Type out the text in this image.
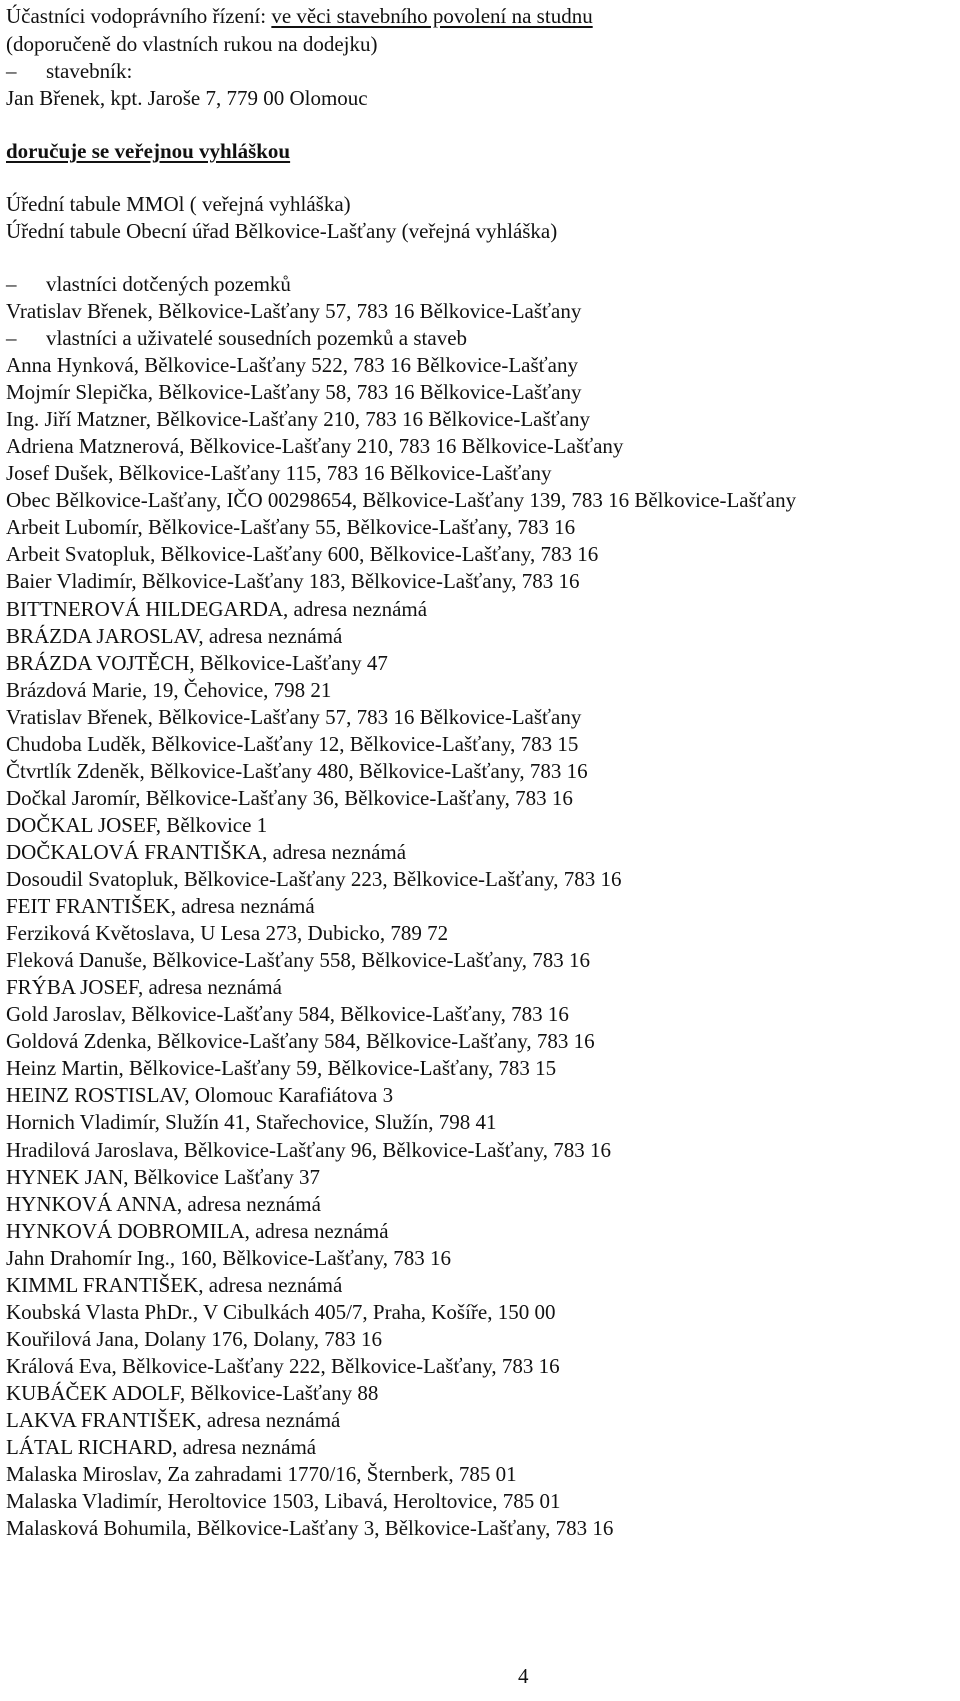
Účastníci vodoprávního řízení: ve věci stavebního povolení na studnu
(doporučeně do vlastních rukou na dodejku)
– stavebník:
Jan Břenek, kpt. Jaroše 7, 779 00 Olomouc
doručuje se veřejnou vyhláškou
Úřední tabule MMOl ( veřejná vyhláška)
Úřední tabule Obecní úřad Bělkovice-Lašťany (veřejná vyhláška)
– vlastníci dotčených pozemků
Vratislav Břenek, Bělkovice-Lašťany 57, 783 16 Bělkovice-Lašťany
– vlastníci a uživatelé sousedních pozemků a staveb
Anna Hynková, Bělkovice-Lašťany 522, 783 16 Bělkovice-Lašťany
Mojmír Slepička, Bělkovice-Lašťany 58, 783 16 Bělkovice-Lašťany
Ing. Jiří Matzner, Bělkovice-Lašťany 210, 783 16 Bělkovice-Lašťany
Adriena Matznerová, Bělkovice-Lašťany 210, 783 16 Bělkovice-Lašťany
Josef Dušek, Bělkovice-Lašťany 115, 783 16 Bělkovice-Lašťany
Obec Bělkovice-Lašťany, IČO 00298654, Bělkovice-Lašťany 139, 783 16 Bělkovice-Lašťany
Arbeit Lubomír, Bělkovice-Lašťany 55, Bělkovice-Lašťany, 783 16
Arbeit Svatopluk, Bělkovice-Lašťany 600, Bělkovice-Lašťany, 783 16
Baier Vladimír, Bělkovice-Lašťany 183, Bělkovice-Lašťany, 783 16
BITTNEROVÁ HILDEGARDA, adresa neznámá
BRÁZDA JAROSLAV, adresa neznámá
BRÁZDA VOJTĚCH, Bělkovice-Lašťany 47
Brázdová Marie, 19, Čehovice, 798 21
Vratislav Břenek, Bělkovice-Lašťany 57, 783 16 Bělkovice-Lašťany
Chudoba Luděk, Bělkovice-Lašťany 12, Bělkovice-Lašťany, 783 15
Čtvrtlík Zdeněk, Bělkovice-Lašťany 480, Bělkovice-Lašťany, 783 16
Dočkal Jaromír, Bělkovice-Lašťany 36, Bělkovice-Lašťany, 783 16
DOČKAL JOSEF, Bělkovice 1
DOČKALOVÁ FRANTIŠKA, adresa neznámá
Dosoudil Svatopluk, Bělkovice-Lašťany 223, Bělkovice-Lašťany, 783 16
FEIT FRANTIŠEK, adresa neznámá
Ferziková Květoslava, U Lesa 273, Dubicko, 789 72
Fleková Danuše, Bělkovice-Lašťany 558, Bělkovice-Lašťany, 783 16
FRÝBA JOSEF, adresa neznámá
Gold Jaroslav, Bělkovice-Lašťany 584, Bělkovice-Lašťany, 783 16
Goldová Zdenka, Bělkovice-Lašťany 584, Bělkovice-Lašťany, 783 16
Heinz Martin, Bělkovice-Lašťany 59, Bělkovice-Lašťany, 783 15
HEINZ ROSTISLAV, Olomouc Karafiátova 3
Hornich Vladimír, Služín 41, Stařechovice, Služín, 798 41
Hradilová Jaroslava, Bělkovice-Lašťany 96, Bělkovice-Lašťany, 783 16
HYNEK JAN, Bělkovice Lašťany 37
HYNKOVÁ ANNA, adresa neznámá
HYNKOVÁ DOBROMILA, adresa neznámá
Jahn Drahomír Ing., 160, Bělkovice-Lašťany, 783 16
KIMML FRANTIŠEK, adresa neznámá
Koubská Vlasta PhDr., V Cibulkách 405/7, Praha, Košíře, 150 00
Kouřilová Jana, Dolany 176, Dolany, 783 16
Králová Eva, Bělkovice-Lašťany 222, Bělkovice-Lašťany, 783 16
KUBÁČEK ADOLF, Bělkovice-Lašťany 88
LAKVA FRANTIŠEK, adresa neznámá
LÁTAL RICHARD, adresa neznámá
Malaska Miroslav, Za zahradami 1770/16, Šternberk, 785 01
Malaska Vladimír, Heroltovice 1503, Libavá, Heroltovice, 785 01
Malasková Bohumila, Bělkovice-Lašťany 3, Bělkovice-Lašťany, 783 16
4
